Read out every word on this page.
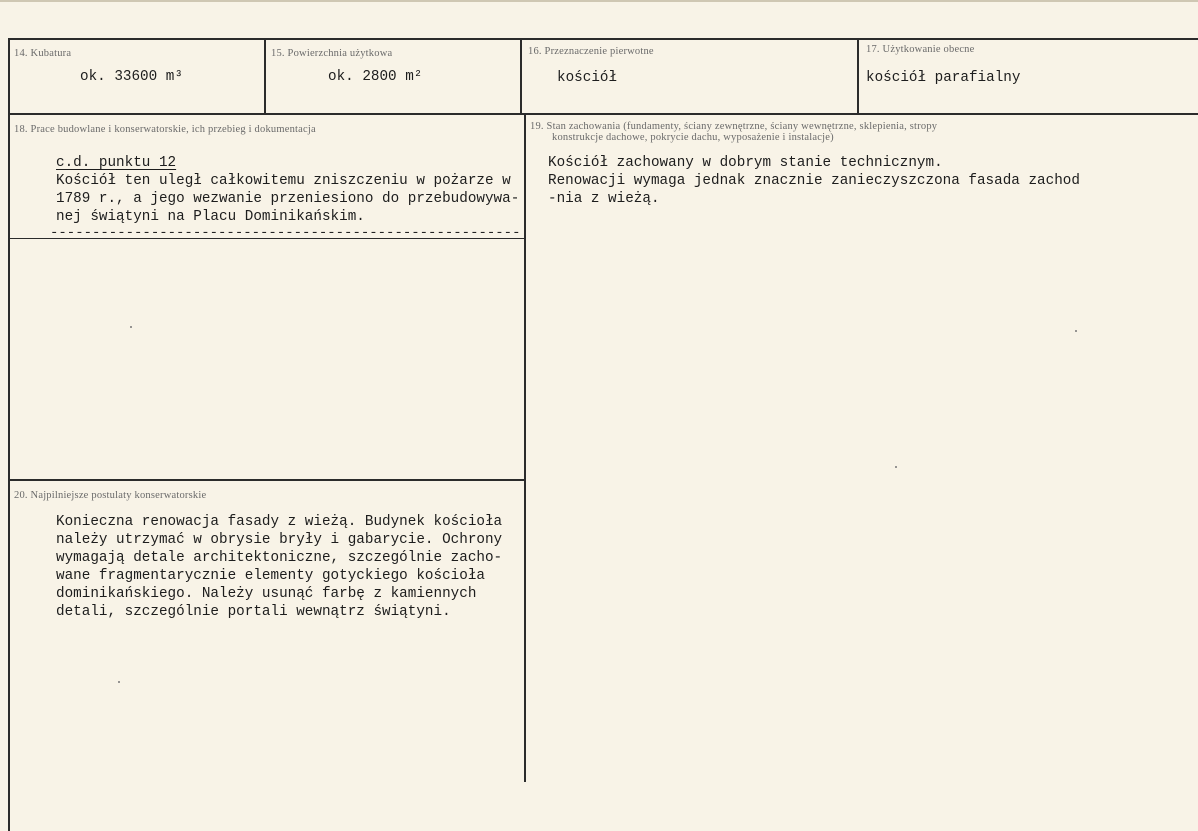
14. Kubatura
ok. 33600 m³
15. Powierzchnia użytkowa
ok. 2800 m²
16. Przeznaczenie pierwotne
kościół
17. Użytkowanie obecne
kościół parafialny
18. Prace budowlane i konserwatorskie, ich przebieg i dokumentacja
c.d. punktu 12
Kościół ten uległ całkowitemu zniszczeniu w pożarze w
1789 r., a jego wezwanie przeniesiono do przebudowywa-
nej świątyni na Placu Dominikańskim.
--------------------------------------------------------
19. Stan zachowania (fundamenty, ściany zewnętrzne, ściany wewnętrzne, sklepienia, stropy
konstrukcje dachowe, pokrycie dachu, wyposażenie i instalacje)
Kościół zachowany w dobrym stanie technicznym.
Renowacji wymaga jednak znacznie zanieczyszczona fasada zachod
-nia z wieżą.
20. Najpilniejsze postulaty konserwatorskie
Konieczna renowacja fasady z wieżą. Budynek kościoła
należy utrzymać w obrysie bryły i gabarycie. Ochrony
wymagają detale architektoniczne, szczególnie zacho-
wane fragmentarycznie elementy gotyckiego kościoła
dominikańskiego. Należy usunąć farbę z kamiennych
detali, szczególnie portali wewnątrz świątyni.
